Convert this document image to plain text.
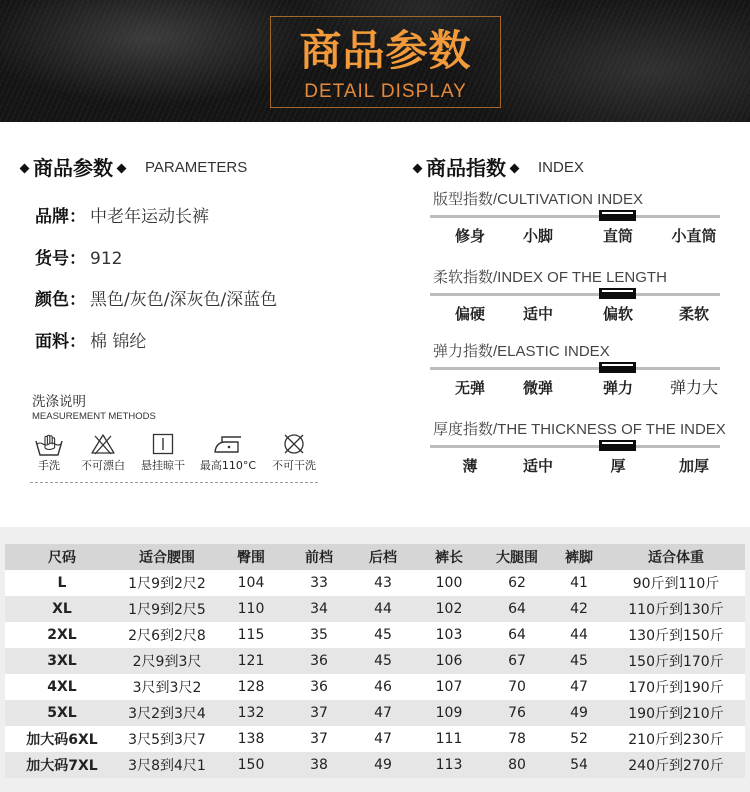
商品参数
DETAIL DISPLAY
商品参数 PARAMETERS
品牌： 中老年运动长裤
货号： 912
颜色： 黑色/灰色/深灰色/深蓝色
面料： 棉 锦纶
洗涤说明
MEASUREMENT METHODS
手洗	不可漂白	悬挂晾干	最高110°C	不可干洗
商品指数 INDEX
版型指数/CULTIVATION INDEX
修身	小脚	直筒	小直筒
柔软指数/INDEX OF THE LENGTH
偏硬	适中	偏软	柔软
弹力指数/ELASTIC INDEX
无弹	微弹	弹力	弹力大
厚度指数/THE THICKNESS OF THE INDEX
薄	适中	厚	加厚
尺码	适合腰围	臀围	前档	后档	裤长	大腿围	裤脚	适合体重
L	1尺9到2尺2	104	33	43	100	62	41	90斤到110斤
XL	1尺9到2尺5	110	34	44	102	64	42	110斤到130斤
2XL	2尺6到2尺8	115	35	45	103	64	44	130斤到150斤
3XL	2尺9到3尺	121	36	45	106	67	45	150斤到170斤
4XL	3尺到3尺2	128	36	46	107	70	47	170斤到190斤
5XL	3尺2到3尺4	132	37	47	109	76	49	190斤到210斤
加大码6XL	3尺5到3尺7	138	37	47	111	78	52	210斤到230斤
加大码7XL	3尺8到4尺1	150	38	49	113	80	54	240斤到270斤
